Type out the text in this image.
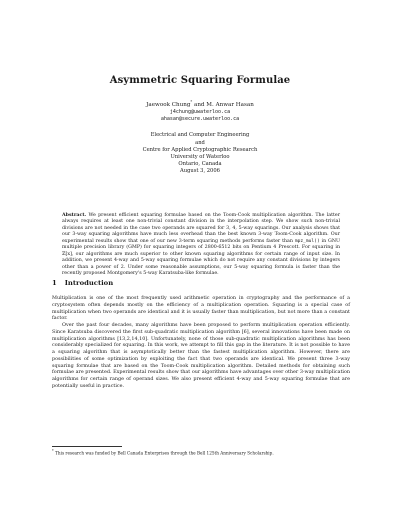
Asymmetric Squaring Formulae
Jaewook Chung* and M. Anwar Hasan
j4chung@uwaterloo.ca
ahasan@secure.uwaterloo.ca
Electrical and Computer Engineering
and
Centre for Applied Cryptographic Research
University of Waterloo
Ontario, Canada
August 3, 2006
Abstract. We present efficient squaring formulae based on the Toom-Cook multiplication algorithm. The latter always requires at least one non-trivial constant division in the interpolation step. We show such non-trivial divisions are not needed in the case two operands are squared for 3, 4, 5-way squarings. Our analysis shows that our 3-way squaring algorithms have much less overhead than the best known 3-way Toom-Cook algorithm. Our experimental results show that one of our new 3-term squaring methods performs faster than mpz_mul() in GNU multiple precision library (GMP) for squaring integers of 2800-6512 bits on Pentium 4 Prescott. For squaring in ℤ[x], our algorithms are much superior to other known squaring algorithms for certain range of input size. In addition, we present 4-way and 5-way squaring formulae which do not require any constant divisions by integers other than a power of 2. Under some reasonable assumptions, our 5-way squaring formula is faster than the recently proposed Montgomery's 5-way Karatsuba-like formulae.
1 Introduction

Multiplication is one of the most frequently used arithmetic operation in cryptography and the performance of a cryptosystem often depends mostly on the efficiency of a multiplication operation. Squaring is a special case of multiplication when two operands are identical and it is usually faster than multiplication, but not more than a constant factor.

Over the past four decades, many algorithms have been proposed to perform multiplication operation efficiently. Since Karatsuba discovered the first sub-quadratic multiplication algorithm [6], several innovations have been made on multiplication algorithms [13,2,14,10]. Unfortunately, none of those sub-quadratic multiplication algorithms has been considerably specialized for squaring. In this work, we attempt to fill this gap in the literature. It is not possible to have a squaring algorithm that is asymptotically better than the fastest multiplication algorithm. However, there are possibilities of some optimization by exploiting the fact that two operands are identical. We present three 3-way squaring formulae that are based on the Toom-Cook multiplication algorithm. Detailed methods for obtaining such formulae are presented. Experimental results show that our algorithms have advantages over other 3-way multiplication algorithms for certain range of operand sizes. We also present efficient 4-way and 5-way squaring formulae that are potentially useful in practice.

* This research was funded by Bell Canada Enterprises through the Bell 125th Anniversary Scholarship.
